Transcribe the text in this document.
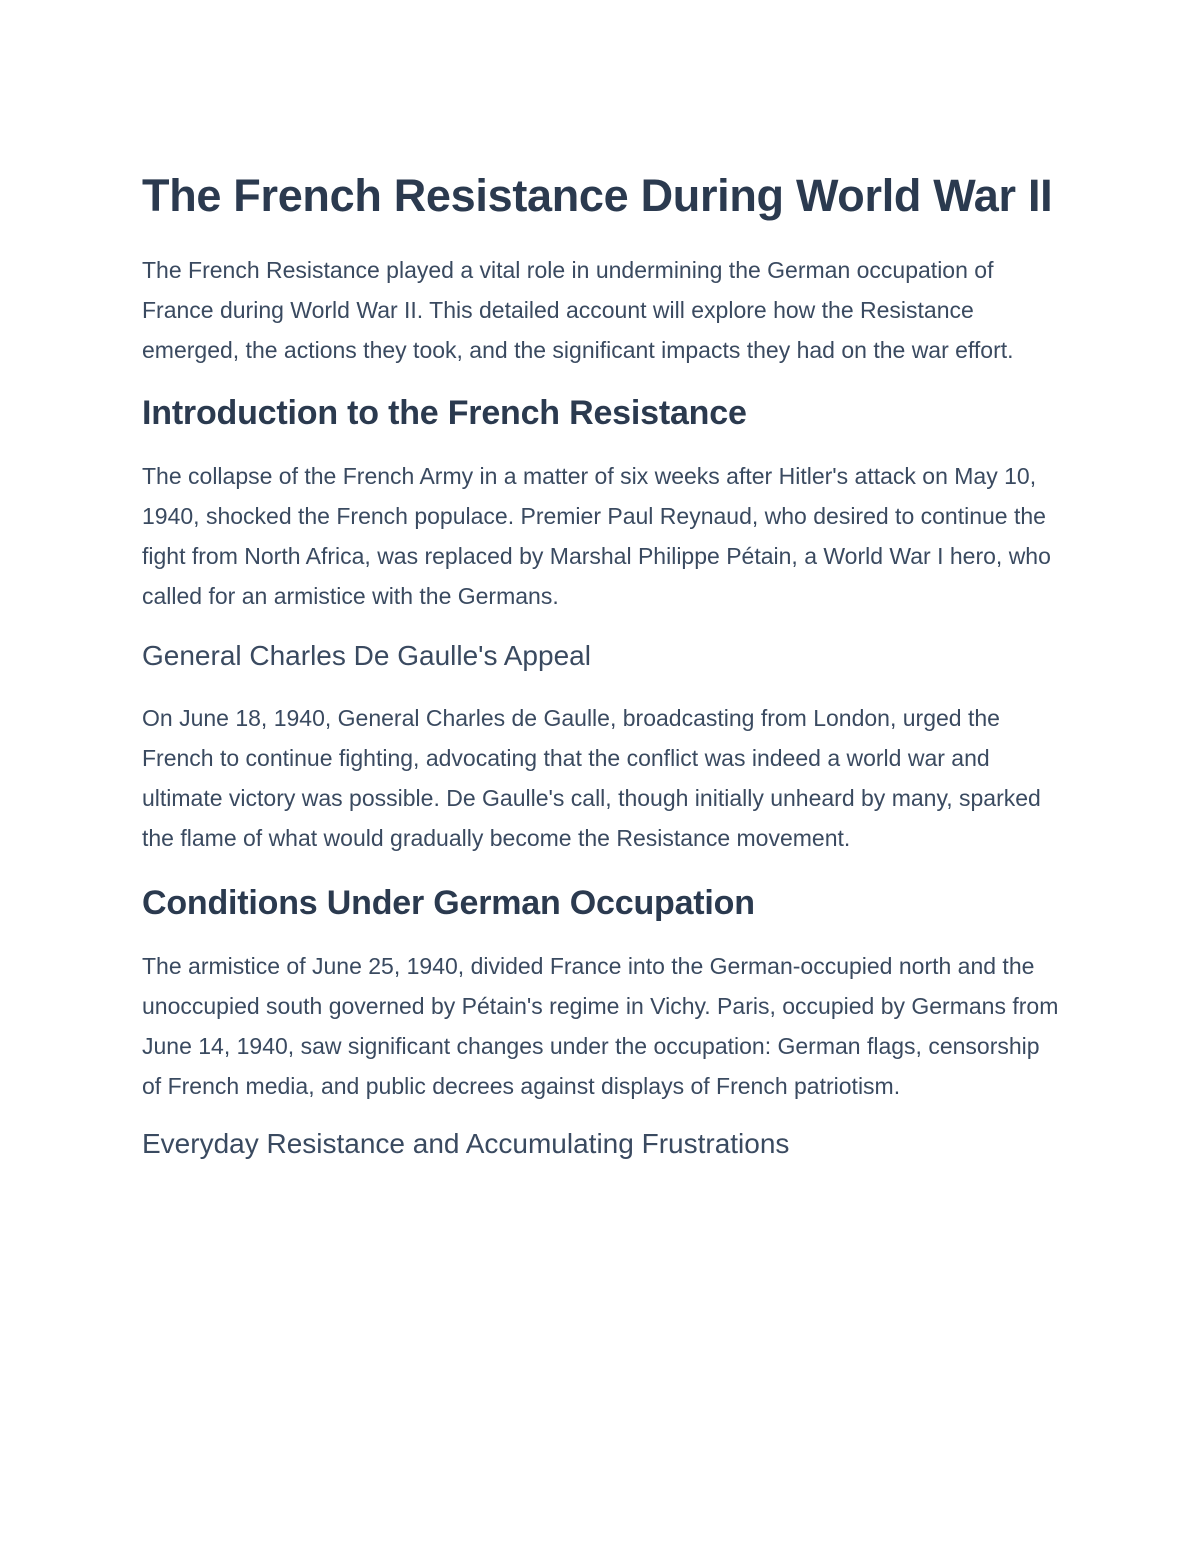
The French Resistance During World War II

The French Resistance played a vital role in undermining the German occupation of France during World War II. This detailed account will explore how the Resistance emerged, the actions they took, and the significant impacts they had on the war effort.

Introduction to the French Resistance

The collapse of the French Army in a matter of six weeks after Hitler's attack on May 10, 1940, shocked the French populace. Premier Paul Reynaud, who desired to continue the fight from North Africa, was replaced by Marshal Philippe Pétain, a World War I hero, who called for an armistice with the Germans.

General Charles De Gaulle's Appeal

On June 18, 1940, General Charles de Gaulle, broadcasting from London, urged the French to continue fighting, advocating that the conflict was indeed a world war and ultimate victory was possible. De Gaulle's call, though initially unheard by many, sparked the flame of what would gradually become the Resistance movement.

Conditions Under German Occupation

The armistice of June 25, 1940, divided France into the German-occupied north and the unoccupied south governed by Pétain's regime in Vichy. Paris, occupied by Germans from June 14, 1940, saw significant changes under the occupation: German flags, censorship of French media, and public decrees against displays of French patriotism.

Everyday Resistance and Accumulating Frustrations
